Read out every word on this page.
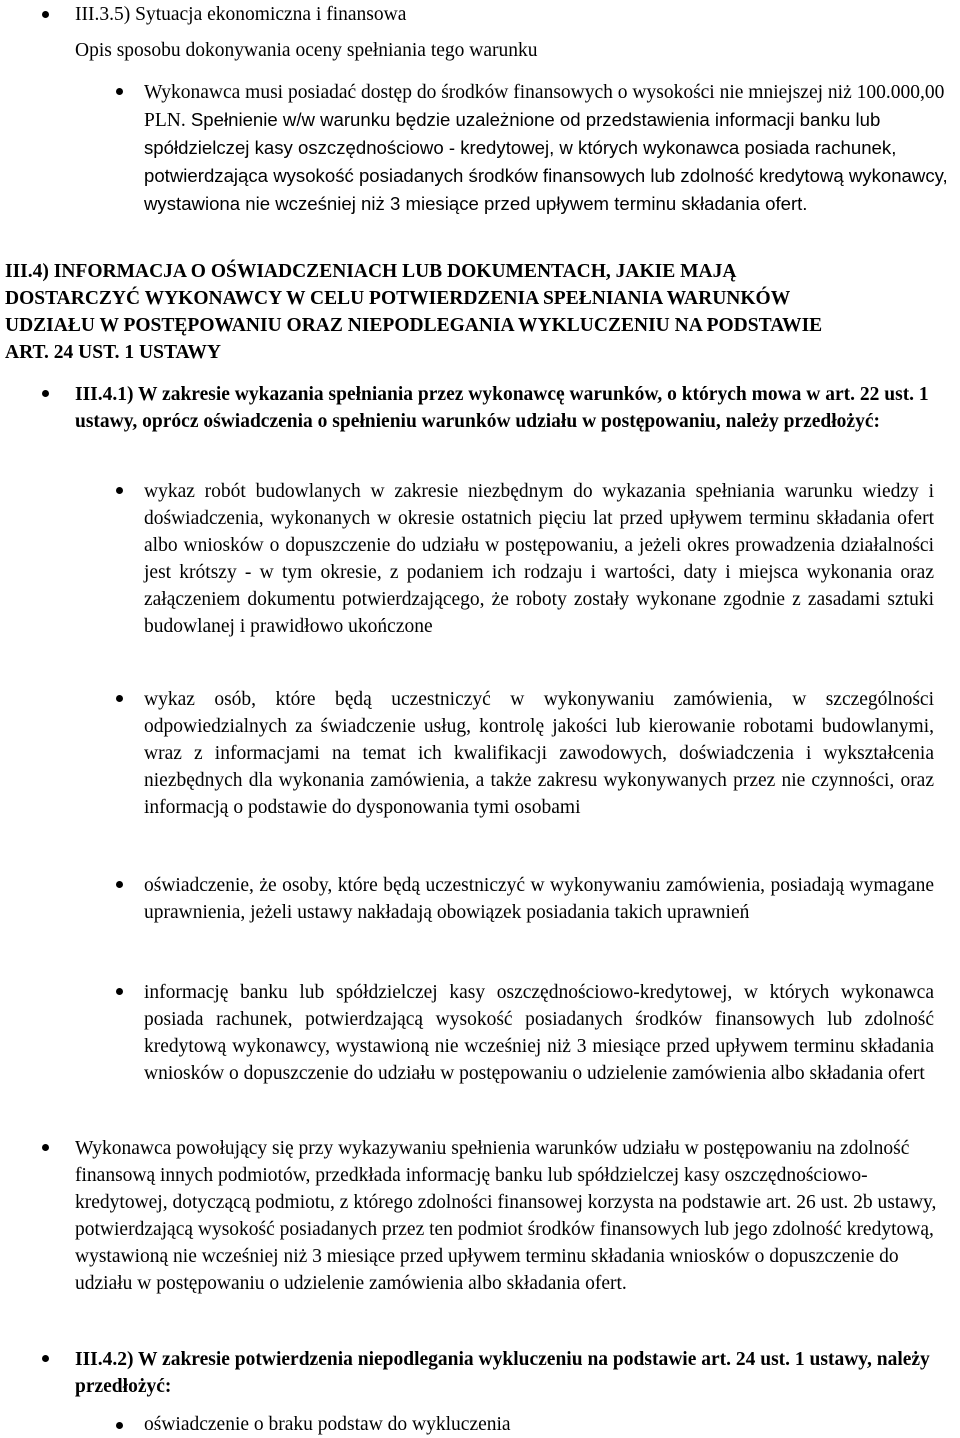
III.3.5) Sytuacja ekonomiczna i finansowa
Opis sposobu dokonywania oceny spełniania tego warunku
Wykonawca musi posiadać dostęp do środków finansowych o wysokości nie mniejszej niż 100.000,00 PLN. Spełnienie w/w warunku będzie uzależnione od przedstawienia informacji banku lub spółdzielczej kasy oszczędnościowo - kredytowej, w których wykonawca posiada rachunek, potwierdzająca wysokość posiadanych środków finansowych lub zdolność kredytową wykonawcy, wystawiona nie wcześniej niż 3 miesiące przed upływem terminu składania ofert.
III.4) INFORMACJA O OŚWIADCZENIACH LUB DOKUMENTACH, JAKIE MAJĄ DOSTARCZYĆ WYKONAWCY W CELU POTWIERDZENIA SPEŁNIANIA WARUNKÓW UDZIAŁU W POSTĘPOWANIU ORAZ NIEPODLEGANIA WYKLUCZENIU NA PODSTAWIE ART. 24 UST. 1 USTAWY
III.4.1) W zakresie wykazania spełniania przez wykonawcę warunków, o których mowa w art. 22 ust. 1 ustawy, oprócz oświadczenia o spełnieniu warunków udziału w postępowaniu, należy przedłożyć:
wykaz robót budowlanych w zakresie niezbędnym do wykazania spełniania warunku wiedzy i doświadczenia, wykonanych w okresie ostatnich pięciu lat przed upływem terminu składania ofert albo wniosków o dopuszczenie do udziału w postępowaniu, a jeżeli okres prowadzenia działalności jest krótszy - w tym okresie, z podaniem ich rodzaju i wartości, daty i miejsca wykonania oraz załączeniem dokumentu potwierdzającego, że roboty zostały wykonane zgodnie z zasadami sztuki budowlanej i prawidłowo ukończone
wykaz osób, które będą uczestniczyć w wykonywaniu zamówienia, w szczególności odpowiedzialnych za świadczenie usług, kontrolę jakości lub kierowanie robotami budowlanymi, wraz z informacjami na temat ich kwalifikacji zawodowych, doświadczenia i wykształcenia niezbędnych dla wykonania zamówienia, a także zakresu wykonywanych przez nie czynności, oraz informacją o podstawie do dysponowania tymi osobami
oświadczenie, że osoby, które będą uczestniczyć w wykonywaniu zamówienia, posiadają wymagane uprawnienia, jeżeli ustawy nakładają obowiązek posiadania takich uprawnień
informację banku lub spółdzielczej kasy oszczędnościowo-kredytowej, w których wykonawca posiada rachunek, potwierdzającą wysokość posiadanych środków finansowych lub zdolność kredytową wykonawcy, wystawioną nie wcześniej niż 3 miesiące przed upływem terminu składania wniosków o dopuszczenie do udziału w postępowaniu o udzielenie zamówienia albo składania ofert
Wykonawca powołujący się przy wykazywaniu spełnienia warunków udziału w postępowaniu na zdolność finansową innych podmiotów, przedkłada informację banku lub spółdzielczej kasy oszczędnościowo-kredytowej, dotyczącą podmiotu, z którego zdolności finansowej korzysta na podstawie art. 26 ust. 2b ustawy, potwierdzającą wysokość posiadanych przez ten podmiot środków finansowych lub jego zdolność kredytową, wystawioną nie wcześniej niż 3 miesiące przed upływem terminu składania wniosków o dopuszczenie do udziału w postępowaniu o udzielenie zamówienia albo składania ofert.
III.4.2) W zakresie potwierdzenia niepodlegania wykluczeniu na podstawie art. 24 ust. 1 ustawy, należy przedłożyć:
oświadczenie o braku podstaw do wykluczenia
